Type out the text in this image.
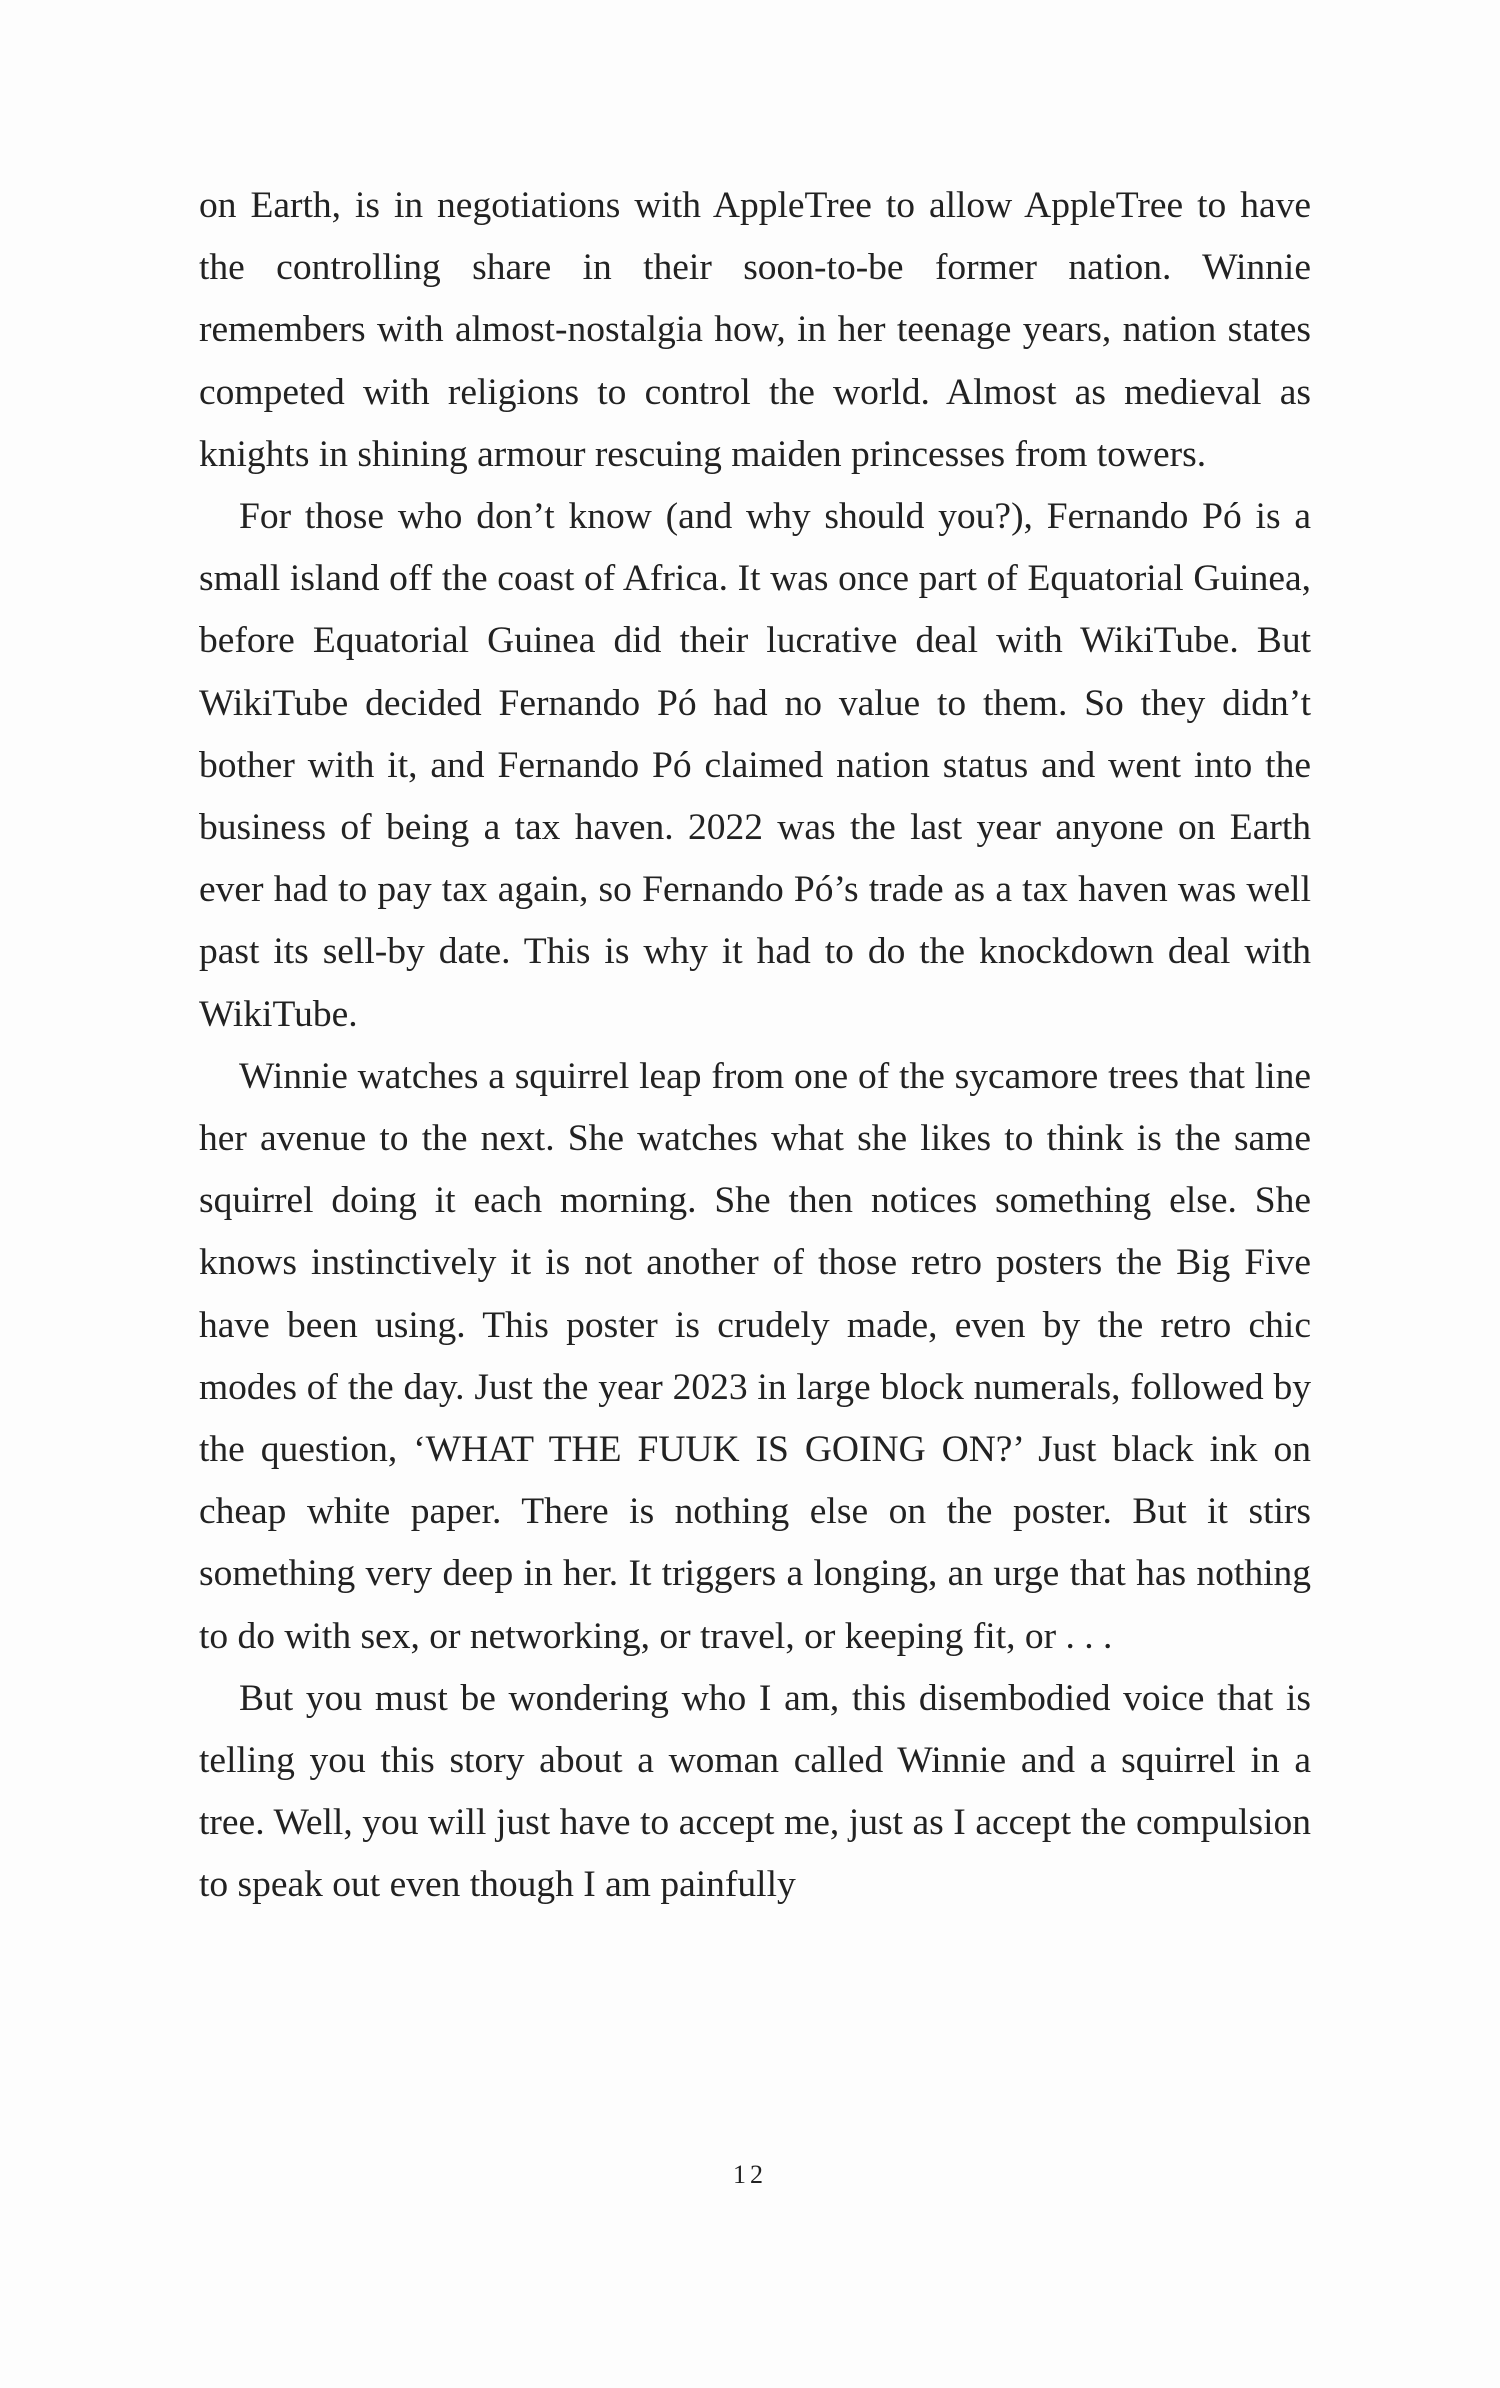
on Earth, is in negotiations with AppleTree to allow AppleTree to have the controlling share in their soon-to-be former nation. Winnie remembers with almost-nostalgia how, in her teenage years, nation states competed with religions to control the world. Almost as medieval as knights in shining armour rescuing maiden princesses from towers.

For those who don’t know (and why should you?), Fernando Pó is a small island off the coast of Africa. It was once part of Equatorial Guinea, before Equatorial Guinea did their lucrative deal with WikiTube. But WikiTube decided Fernando Pó had no value to them. So they didn’t bother with it, and Fernando Pó claimed nation status and went into the business of being a tax haven. 2022 was the last year anyone on Earth ever had to pay tax again, so Fernando Pó’s trade as a tax haven was well past its sell-by date. This is why it had to do the knockdown deal with WikiTube.

Winnie watches a squirrel leap from one of the sycamore trees that line her avenue to the next. She watches what she likes to think is the same squirrel doing it each morning. She then notices something else. She knows instinctively it is not another of those retro posters the Big Five have been using. This poster is crudely made, even by the retro chic modes of the day. Just the year 2023 in large block numerals, followed by the question, ‘WHAT THE FUUK IS GOING ON?’ Just black ink on cheap white paper. There is nothing else on the poster. But it stirs something very deep in her. It triggers a longing, an urge that has nothing to do with sex, or networking, or travel, or keeping fit, or . . .

But you must be wondering who I am, this disembodied voice that is telling you this story about a woman called Winnie and a squirrel in a tree. Well, you will just have to accept me, just as I accept the compulsion to speak out even though I am painfully

12
